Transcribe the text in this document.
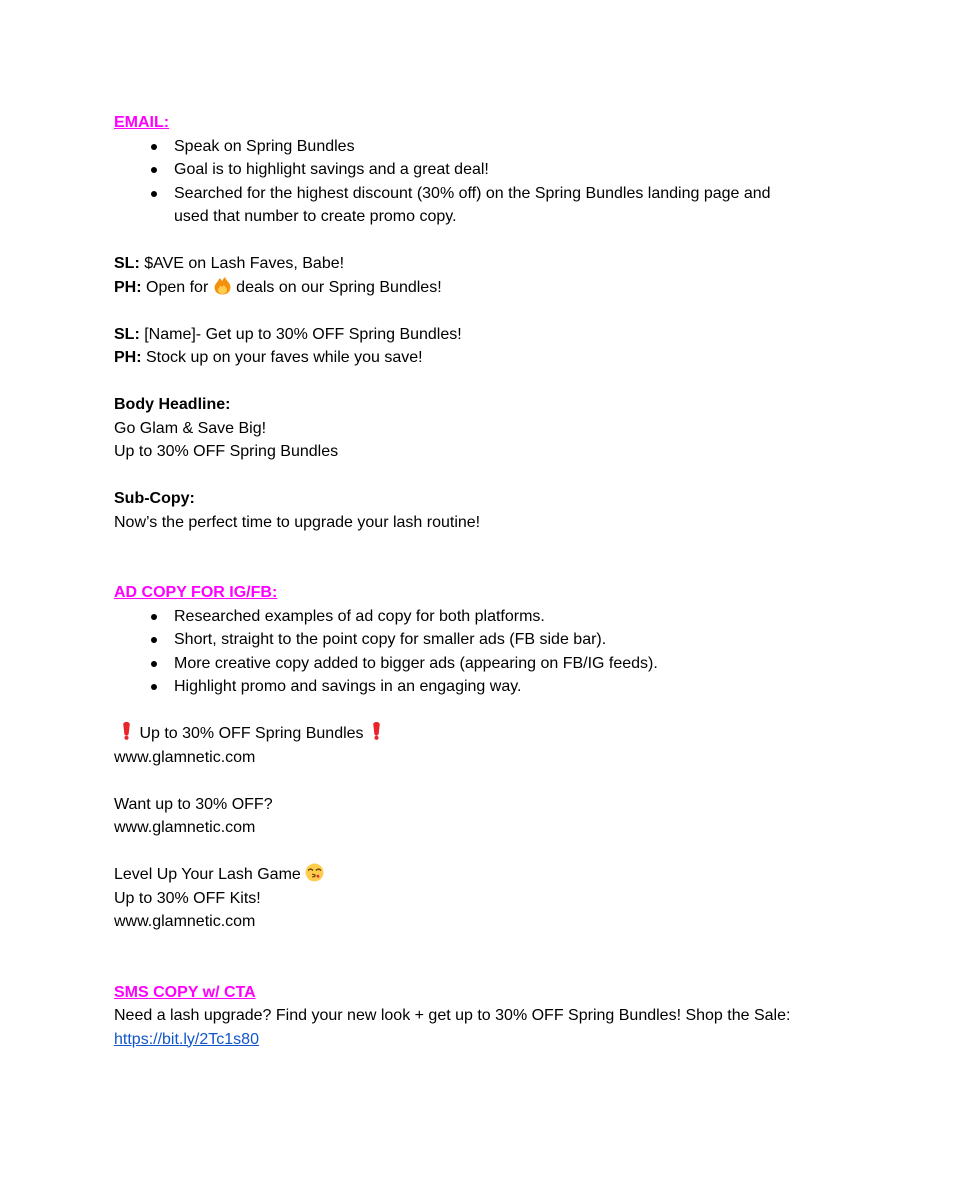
EMAIL:
Speak on Spring Bundles
Goal is to highlight savings and a great deal!
Searched for the highest discount (30% off) on the Spring Bundles landing page and
used that number to create promo copy.
SL: $AVE on Lash Faves, Babe!
PH: Open for  deals on our Spring Bundles!
SL: [Name]- Get up to 30% OFF Spring Bundles!
PH: Stock up on your faves while you save!
Body Headline:
Go Glam & Save Big!
Up to 30% OFF Spring Bundles
Sub-Copy:
Now’s the perfect time to upgrade your lash routine!
AD COPY FOR IG/FB:
Researched examples of ad copy for both platforms.
Short, straight to the point copy for smaller ads (FB side bar).
More creative copy added to bigger ads (appearing on FB/IG feeds).
Highlight promo and savings in an engaging way.
Up to 30% OFF Spring Bundles
www.glamnetic.com
Want up to 30% OFF?
www.glamnetic.com
Level Up Your Lash Game
Up to 30% OFF Kits!
www.glamnetic.com
SMS COPY w/ CTA
Need a lash upgrade? Find your new look + get up to 30% OFF Spring Bundles! Shop the Sale:
https://bit.ly/2Tc1s80
